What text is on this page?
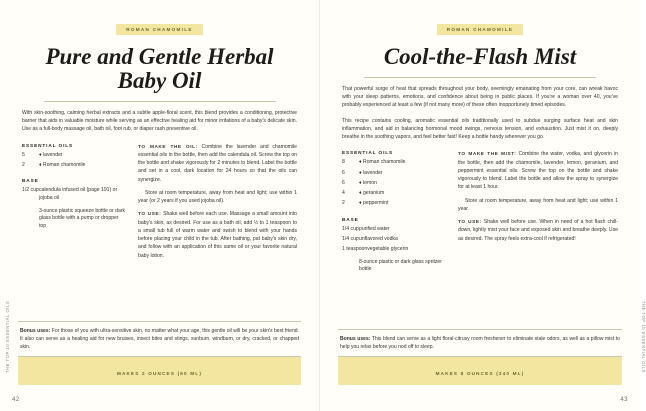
THE TOP 10 ESSENTIAL OILS
42
ROMAN CHAMOMILE
Pure and Gentle Herbal Baby Oil
With skin-soothing, calming herbal extracts and a subtle apple-floral scent, this blend provides a conditioning, protective barrier that aids in valuable moisture while serving as an effective healing aid for minor irritations of a baby's delicate skin. Use as a full-body massage oil, bath oil, foot rub, or diaper rash preventive oil.
ESSENTIAL OILS
5	♦ lavender
2	♦ Roman chamomile
BASE
1/2 cup calendula infused oil (page 191) or jojoba oil
3-ounce plastic squeeze bottle or dark glass bottle with a pump or dropper top
TO MAKE THE OIL: Combine the lavender and chamomile essential oils in the bottle, then add the calendula oil. Screw the top on the bottle and shake vigorously for 2 minutes to blend. Label the bottle and set in a cool, dark location for 24 hours so that the oils can synergize.
Store at room temperature, away from heat and light; use within 1 year (or 2 years if you used jojoba oil).
TO USE: Shake well before each use. Massage a small amount into baby's skin, as desired. For use as a bath oil, add ½ to 1 teaspoon to a small tub full of warm water and swish to blend with your hands before placing your child in the tub. After bathing, pat baby's skin dry, and follow with an application of this same oil or your favorite natural baby lotion.
Bonus uses: For those of you with ultra-sensitive skin, no matter what your age, this gentle oil will be your skin's best friend. It also can serve as a healing aid for new bruises, insect bites and stings, sunburn, windburn, or dry, cracked, or chapped skin.
MAKES 2 OUNCES (60 ML)
THE TOP 10 ESSENTIAL OILS
43
ROMAN CHAMOMILE
Cool-the-Flash Mist
That powerful surge of heat that spreads throughout your body, seemingly emanating from your core, can wreak havoc with your sleep patterns, emotions, and confidence about being in public places. If you're a woman over 40, you've probably experienced at least a few (if not many more) of these often inopportunely timed episodes.
This recipe contains cooling, aromatic essential oils traditionally used to subdue surging surface heat and skin inflammation, and aid in balancing hormonal mood swings, nervous tension, and exhaustion. Just mist it on, deeply breathe in the soothing vapors, and feel better fast! Keep a bottle handy wherever you go.
ESSENTIAL OILS
8	♦ Roman chamomile
6	♦ lavender
6	♦ lemon
4	♦ geranium
2	♦ peppermint
BASE
1/4 cup purified water
1/4 cup unflavored vodka
1 teaspoon vegetable glycerin
8-ounce plastic or dark glass spritzer bottle
TO MAKE THE MIST: Combine the water, vodka, and glycerin in the bottle, then add the chamomile, lavender, lemon, geranium, and peppermint essential oils. Screw the top on the bottle and shake vigorously to blend. Label the bottle and allow the spray to synergize for at least 1 hour.
Store at room temperature, away from heat and light; use within 1 year.
TO USE: Shake well before use. When in need of a hot flash chill-down, lightly mist your face and exposed skin and breathe deeply. Use as desired. The spray feels extra-cool if refrigerated!
Bonus uses: This blend can serve as a light floral-citrusy room freshener to eliminate stale odors, as well as a pillow mist to help you relax before you nod off to sleep.
MAKES 8 OUNCES (240 ML)
